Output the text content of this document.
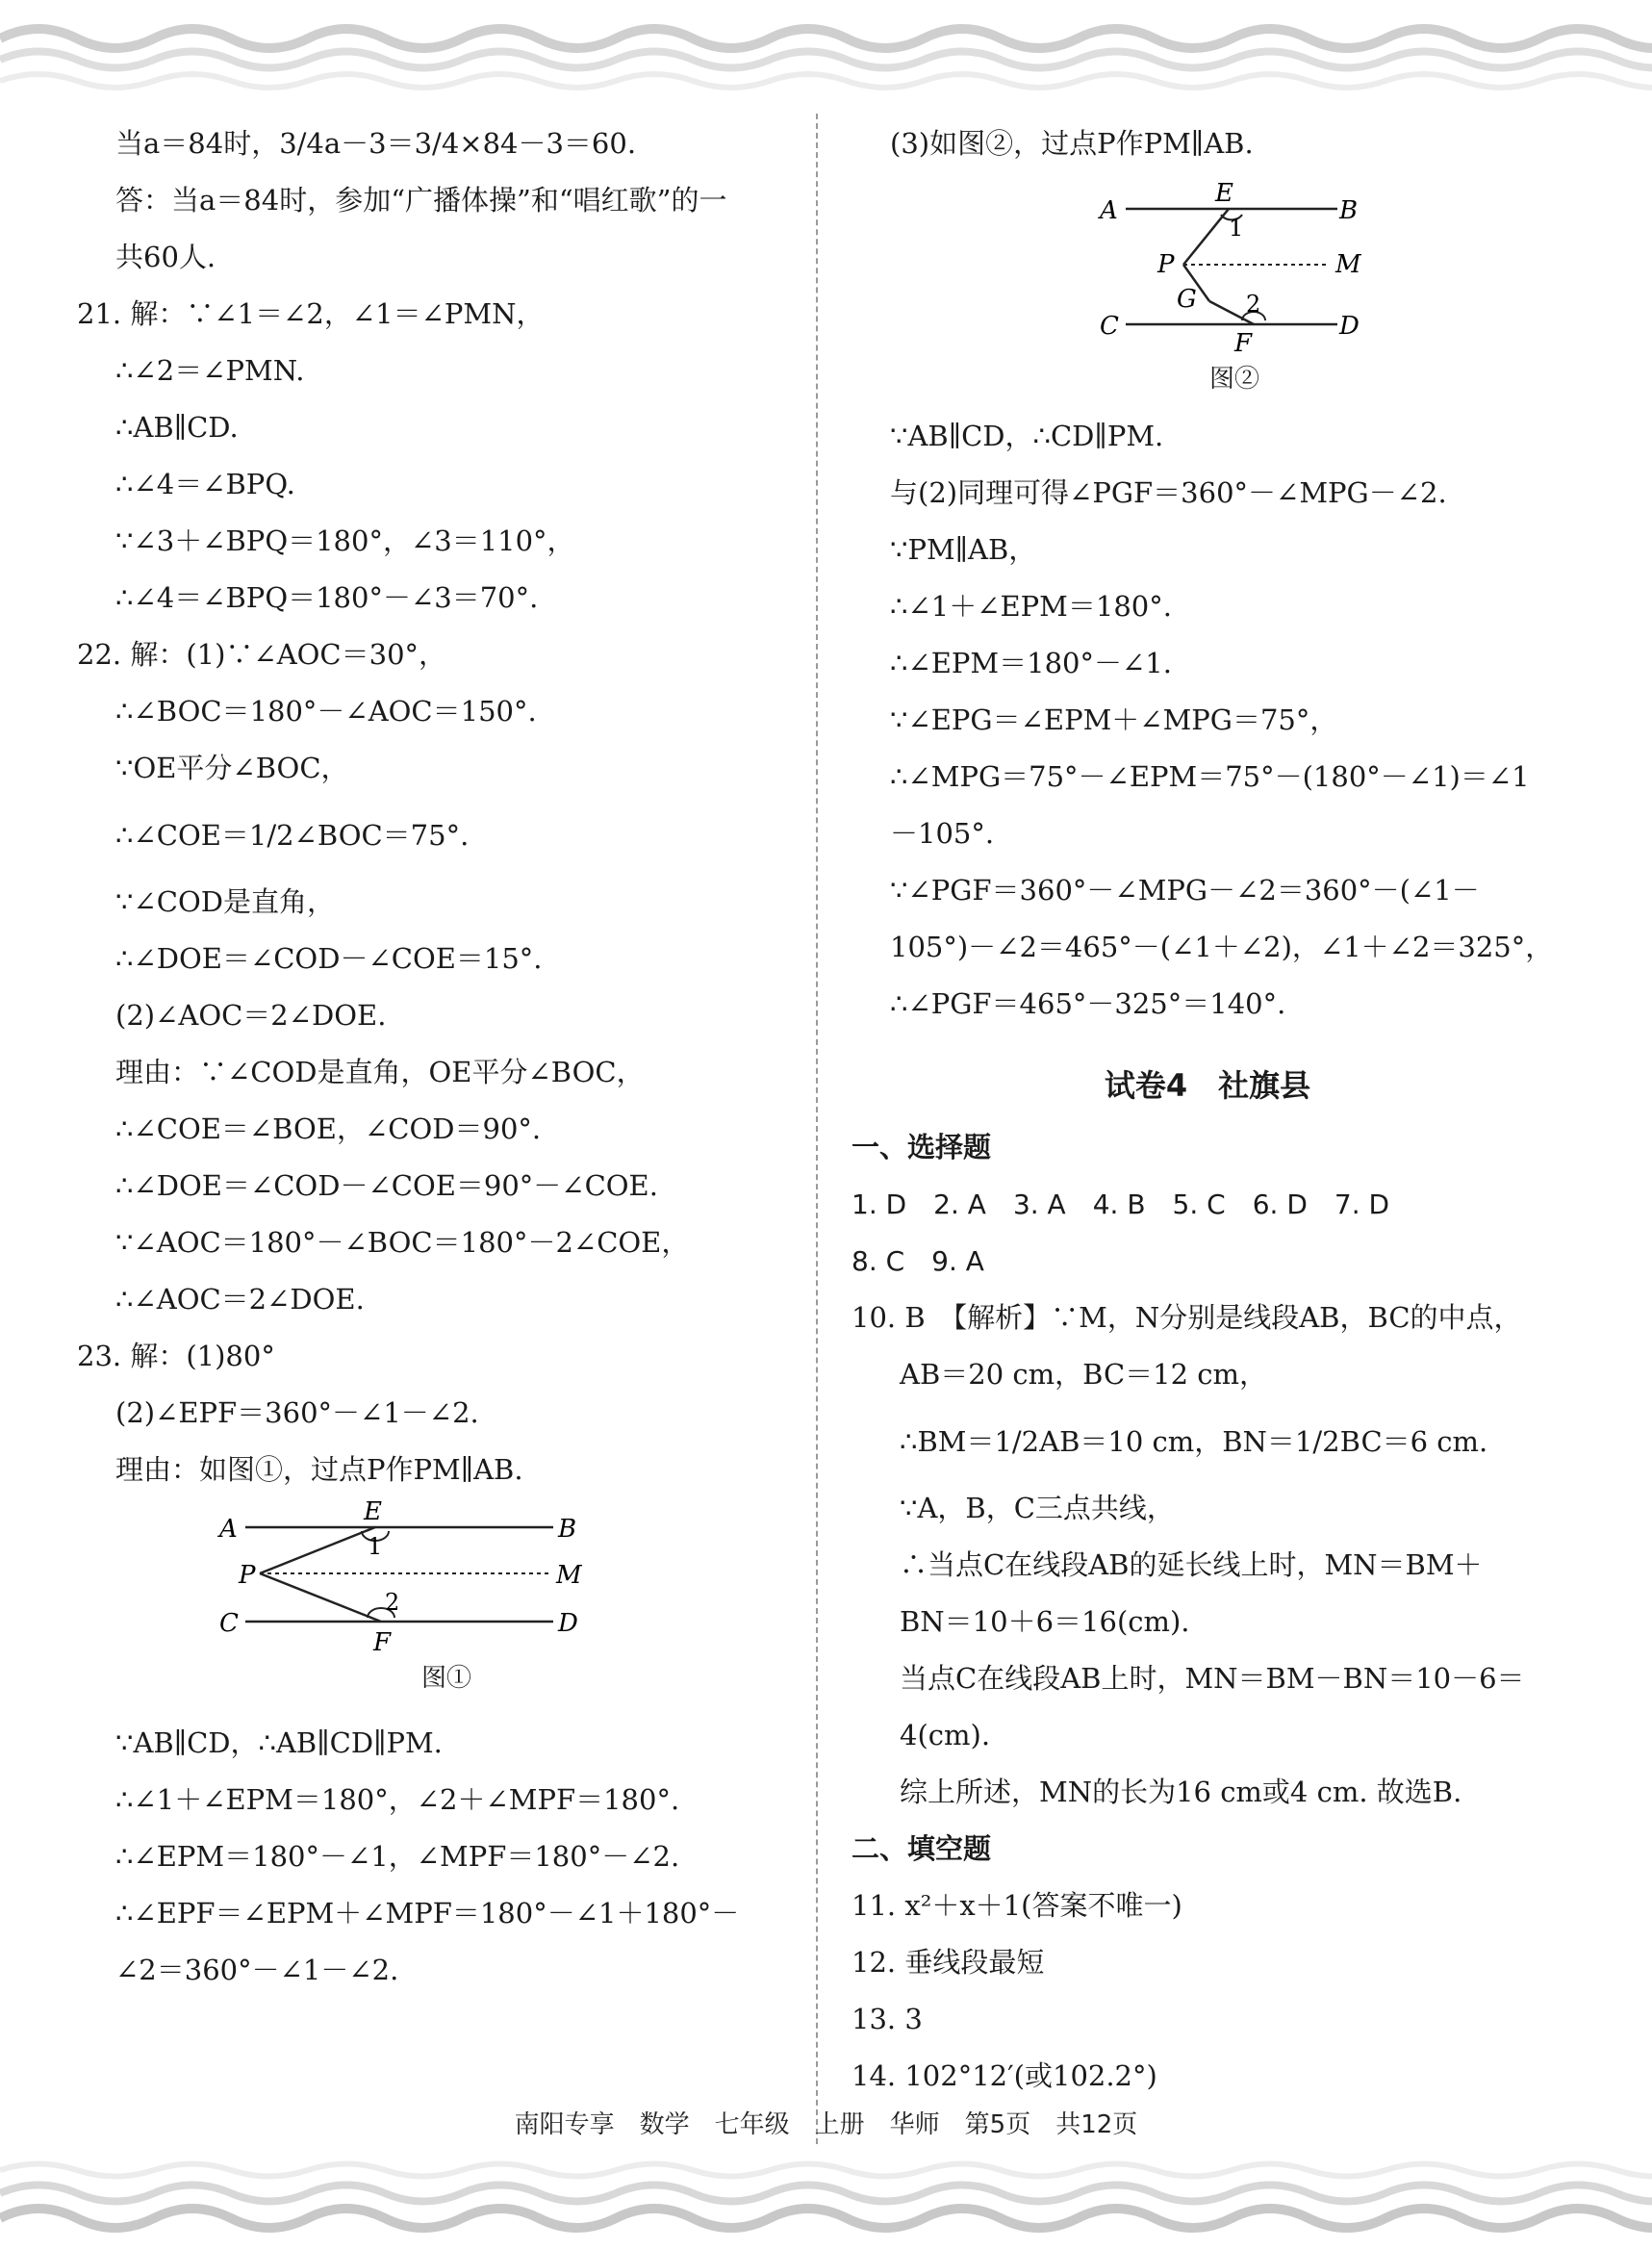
当a＝84时，3/4a－3＝3/4×84－3＝60.
答：当a＝84时，参加“广播体操”和“唱红歌”的一
共60人.
21. 解：∵∠1＝∠2，∠1＝∠PMN，
∴∠2＝∠PMN.
∴AB∥CD.
∴∠4＝∠BPQ.
∵∠3＋∠BPQ＝180°，∠3＝110°，
∴∠4＝∠BPQ＝180°－∠3＝70°.
22. 解：(1)∵∠AOC＝30°，
∴∠BOC＝180°－∠AOC＝150°.
∵OE平分∠BOC，
∴∠COE＝1/2∠BOC＝75°.
∵∠COD是直角，
∴∠DOE＝∠COD－∠COE＝15°.
(2)∠AOC＝2∠DOE.
理由：∵∠COD是直角，OE平分∠BOC，
∴∠COE＝∠BOE，∠COD＝90°.
∴∠DOE＝∠COD－∠COE＝90°－∠COE.
∵∠AOC＝180°－∠BOC＝180°－2∠COE，
∴∠AOC＝2∠DOE.
23. 解：(1)80°
(2)∠EPF＝360°－∠1－∠2.
理由：如图①，过点P作PM∥AB.
A	B
C	D
E
F
P	M
1
2
图①
∵AB∥CD，∴AB∥CD∥PM.
∴∠1＋∠EPM＝180°，∠2＋∠MPF＝180°.
∴∠EPM＝180°－∠1，∠MPF＝180°－∠2.
∴∠EPF＝∠EPM＋∠MPF＝180°－∠1＋180°－
∠2＝360°－∠1－∠2.
(3)如图②，过点P作PM∥AB.
A	B
C	D
E
F
G
P	M
1
2
图②
∵AB∥CD，∴CD∥PM.
与(2)同理可得∠PGF＝360°－∠MPG－∠2.
∵PM∥AB，
∴∠1＋∠EPM＝180°.
∴∠EPM＝180°－∠1.
∵∠EPG＝∠EPM＋∠MPG＝75°，
∴∠MPG＝75°－∠EPM＝75°－(180°－∠1)＝∠1
－105°.
∵∠PGF＝360°－∠MPG－∠2＝360°－(∠1－
105°)－∠2＝465°－(∠1＋∠2)，∠1＋∠2＝325°，
∴∠PGF＝465°－325°＝140°.
试卷4　社旗县
一、选择题
1. D　2. A　3. A　4. B　5. C　6. D　7. D
8. C　9. A
10. B　【解析】∵M，N分别是线段AB，BC的中点，
AB＝20 cm，BC＝12 cm，
∴BM＝1/2AB＝10 cm，BN＝1/2BC＝6 cm.
∵A，B，C三点共线，
∴当点C在线段AB的延长线上时，MN＝BM＋
BN＝10＋6＝16(cm).
当点C在线段AB上时，MN＝BM－BN＝10－6＝
4(cm).
综上所述，MN的长为16 cm或4 cm. 故选B.
二、填空题
11. x²＋x＋1(答案不唯一)
12. 垂线段最短
13. 3
14. 102°12′(或102.2°)
南阳专享　数学　七年级　上册　华师　第5页　共12页
